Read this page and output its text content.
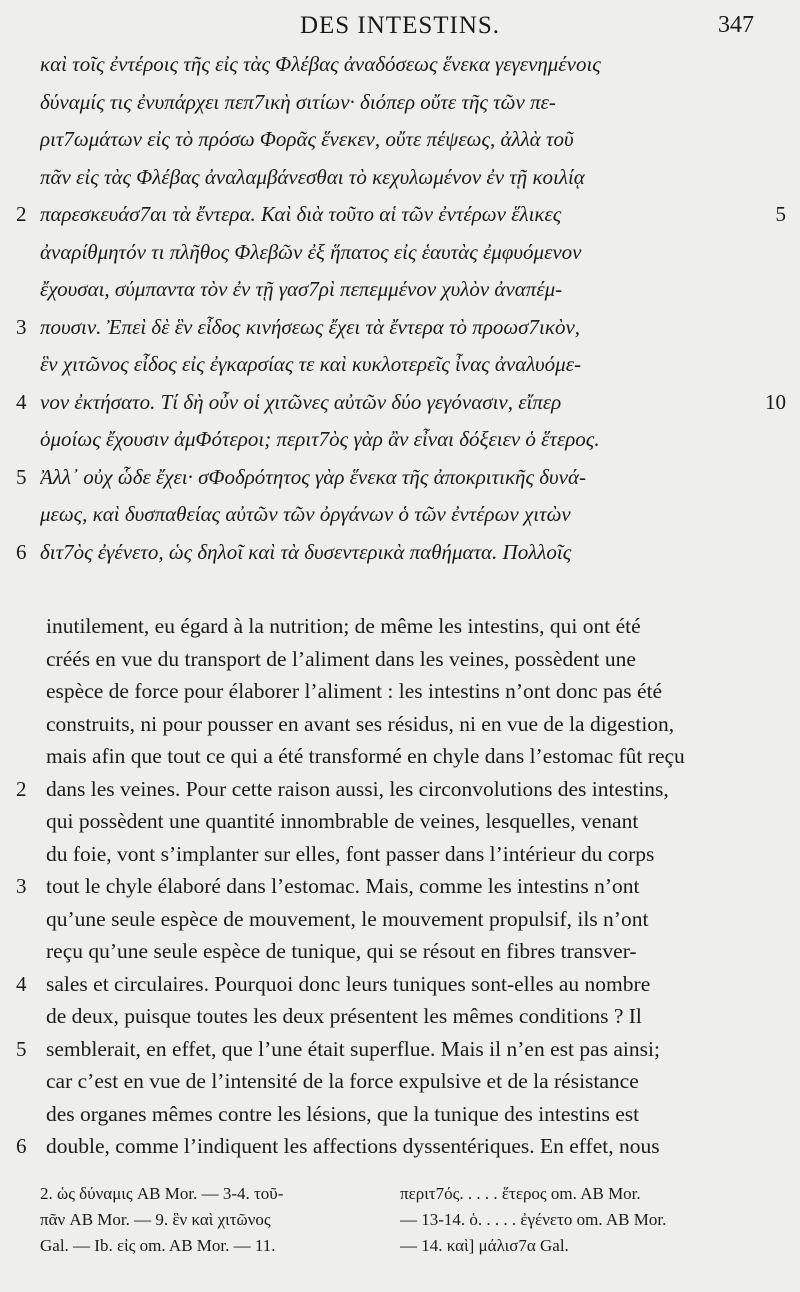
DES INTESTINS.	347
καὶ τοῖς ἐντέροις τῆς εἰς τὰς Φλέβας ἀναδόσεως ἕνεκα γεγενημένοις
δύναμίς τις ἐνυπάρχει πεπ7ικὴ σιτίων· διόπερ οὔτε τῆς τῶν πε-
ριτ7ωμάτων εἰς τὸ πρόσω Φορᾶς ἕνεκεν, οὔτε πέψεως, ἀλλὰ τοῦ
πᾶν εἰς τὰς Φλέβας ἀναλαμβάνεσθαι τὸ κεχυλωμένον ἐν τῇ κοιλίᾳ
2 παρεσκευάσ7αι τὰ ἔντερα. Καὶ διὰ τοῦτο αἱ τῶν ἐντέρων ἕλικες	5
ἀναρίθμητόν τι πλῆθος Φλεβῶν ἐξ ἥπατος εἰς ἑαυτὰς ἐμφυόμενον
ἔχουσαι, σύμπαντα τὸν ἐν τῇ γασ7ρὶ πεπεμμένον χυλὸν ἀναπέμ-
3 πουσιν. Ἐπεὶ δὲ ἓν εἶδος κινήσεως ἔχει τὰ ἔντερα τὸ προωσ7ικὸν,
ἓν χιτῶνος εἶδος εἰς ἐγκαρσίας τε καὶ κυκλοτερεῖς ἶνας ἀναλυόμε-
4 νον ἐκτήσατο. Τί δὴ οὖν οἱ χιτῶνες αὐτῶν δύο γεγόνασιν, εἴπερ	10
ὁμοίως ἔχουσιν ἀμΦότεροι; περιτ7ὸς γὰρ ἂν εἶναι δόξειεν ὁ ἕτερος.
5 Ἀλλ᾽ οὐχ ὧδε ἔχει· σΦοδρότητος γὰρ ἕνεκα τῆς ἀποκριτικῆς δυνά-
μεως, καὶ δυσπαθείας αὐτῶν τῶν ὀργάνων ὁ τῶν ἐντέρων χιτὼν
6 διτ7ὸς ἐγένετο, ὡς δηλοῖ καὶ τὰ δυσεντερικὰ παθήματα. Πολλοῖς
inutilement, eu égard à la nutrition; de même les intestins, qui ont été
créés en vue du transport de l’aliment dans les veines, possèdent une
espèce de force pour élaborer l’aliment : les intestins n’ont donc pas été
construits, ni pour pousser en avant ses résidus, ni en vue de la digestion,
mais afin que tout ce qui a été transformé en chyle dans l’estomac fût reçu
2 dans les veines. Pour cette raison aussi, les circonvolutions des intestins,
qui possèdent une quantité innombrable de veines, lesquelles, venant
du foie, vont s’implanter sur elles, font passer dans l’intérieur du corps
3 tout le chyle élaboré dans l’estomac. Mais, comme les intestins n’ont
qu’une seule espèce de mouvement, le mouvement propulsif, ils n’ont
reçu qu’une seule espèce de tunique, qui se résout en fibres transver-
4 sales et circulaires. Pourquoi donc leurs tuniques sont-elles au nombre
de deux, puisque toutes les deux présentent les mêmes conditions ? Il
5 semblerait, en effet, que l’une était superflue. Mais il n’en est pas ainsi;
car c’est en vue de l’intensité de la force expulsive et de la résistance
des organes mêmes contre les lésions, que la tunique des intestins est
6 double, comme l’indiquent les affections dyssentériques. En effet, nous
2. ὡς δύναμις AB Mor. — 3-4. τοῦ-	περιτ7ός. . . . . ἕτερος om. AB Mor.
πᾶν AB Mor. — 9. ἓν καὶ χιτῶνος	— 13-14. ὁ. . . . . ἐγένετο om. AB Mor.
Gal. — Ib. εἰς om. AB Mor. — 11.	— 14. καὶ] μάλισ7α Gal.
